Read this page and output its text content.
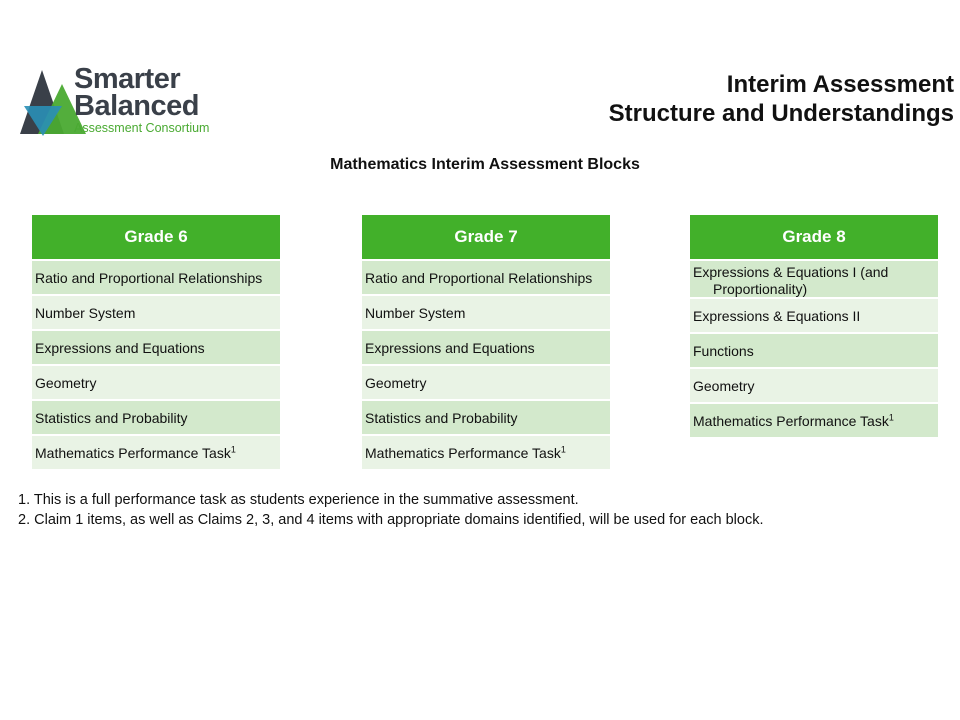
Smarter
Balanced
Assessment Consortium
Interim Assessment
Structure and Understandings
Mathematics Interim Assessment Blocks
Grade 6
Ratio and Proportional Relationships
Number System
Expressions and Equations
Geometry
Statistics and Probability
Mathematics Performance Task$^1$
Grade 7
Ratio and Proportional Relationships
Number System
Expressions and Equations
Geometry
Statistics and Probability
Mathematics Performance Task$^1$
Grade 8
Expressions & Equations I (and
Proportionality)
Expressions & Equations II
Functions
Geometry
Mathematics Performance Task$^1$
1. This is a full performance task as students experience in the summative assessment.
2. Claim 1 items, as well as Claims 2, 3, and 4 items with appropriate domains identified, will be used for each block.
